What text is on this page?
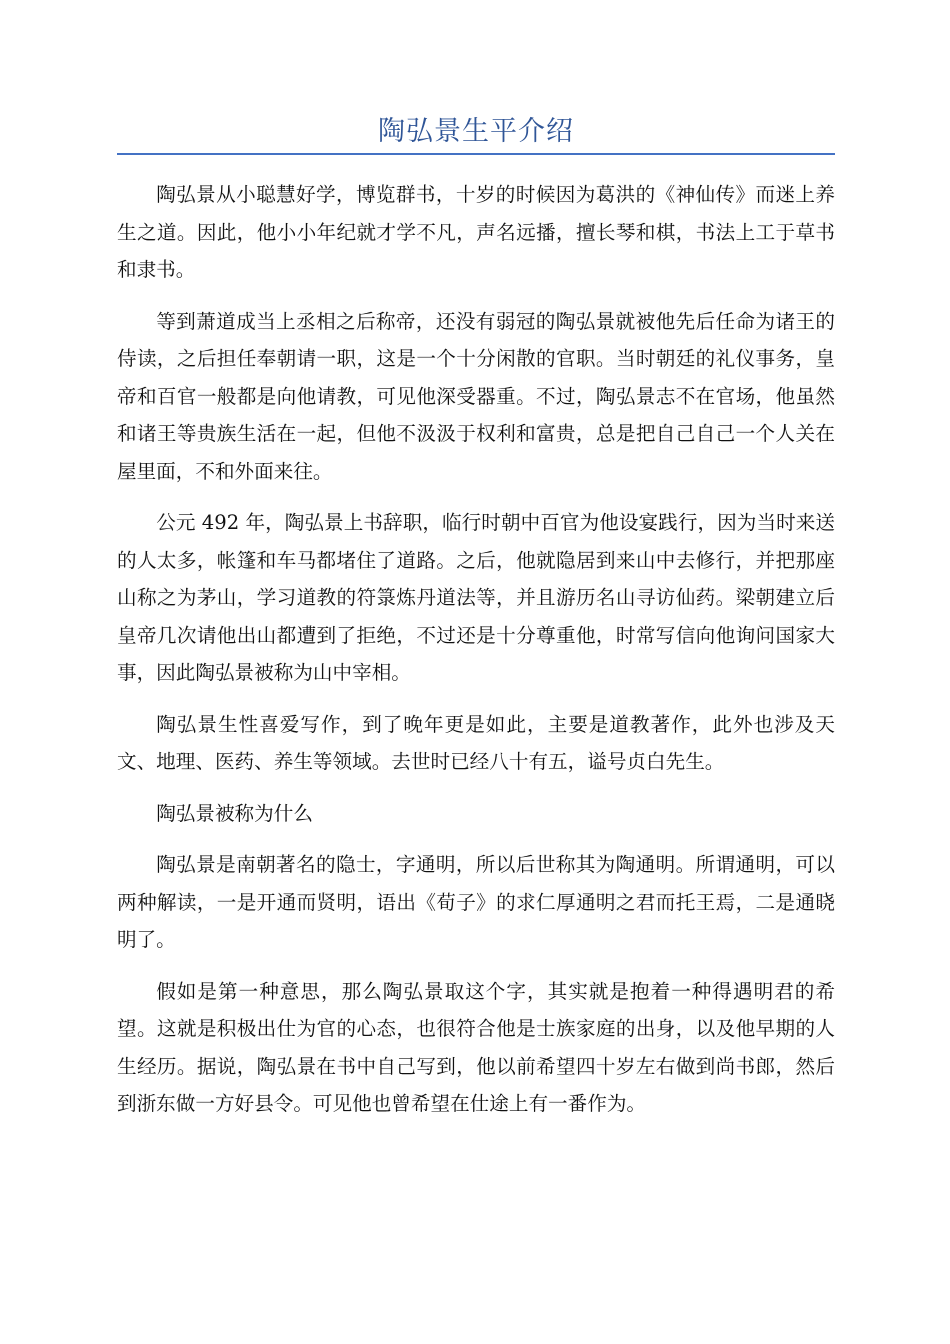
陶弘景生平介绍

陶弘景从小聪慧好学，博览群书，十岁的时候因为葛洪的《神仙传》而迷上养生之道。因此，他小小年纪就才学不凡，声名远播，擅长琴和棋，书法上工于草书和隶书。

等到萧道成当上丞相之后称帝，还没有弱冠的陶弘景就被他先后任命为诸王的侍读，之后担任奉朝请一职，这是一个十分闲散的官职。当时朝廷的礼仪事务，皇帝和百官一般都是向他请教，可见他深受器重。不过，陶弘景志不在官场，他虽然和诸王等贵族生活在一起，但他不汲汲于权利和富贵，总是把自己自己一个人关在屋里面，不和外面来往。

公元 492 年，陶弘景上书辞职，临行时朝中百官为他设宴践行，因为当时来送的人太多，帐篷和车马都堵住了道路。之后，他就隐居到来山中去修行，并把那座山称之为茅山，学习道教的符箓炼丹道法等，并且游历名山寻访仙药。梁朝建立后皇帝几次请他出山都遭到了拒绝，不过还是十分尊重他，时常写信向他询问国家大事，因此陶弘景被称为山中宰相。

陶弘景生性喜爱写作，到了晚年更是如此，主要是道教著作，此外也涉及天文、地理、医药、养生等领域。去世时已经八十有五，谥号贞白先生。

陶弘景被称为什么

陶弘景是南朝著名的隐士，字通明，所以后世称其为陶通明。所谓通明，可以两种解读，一是开通而贤明，语出《荀子》的求仁厚通明之君而托王焉，二是通晓明了。

假如是第一种意思，那么陶弘景取这个字，其实就是抱着一种得遇明君的希望。这就是积极出仕为官的心态，也很符合他是士族家庭的出身，以及他早期的人生经历。据说，陶弘景在书中自己写到，他以前希望四十岁左右做到尚书郎，然后到浙东做一方好县令。可见他也曾希望在仕途上有一番作为。
